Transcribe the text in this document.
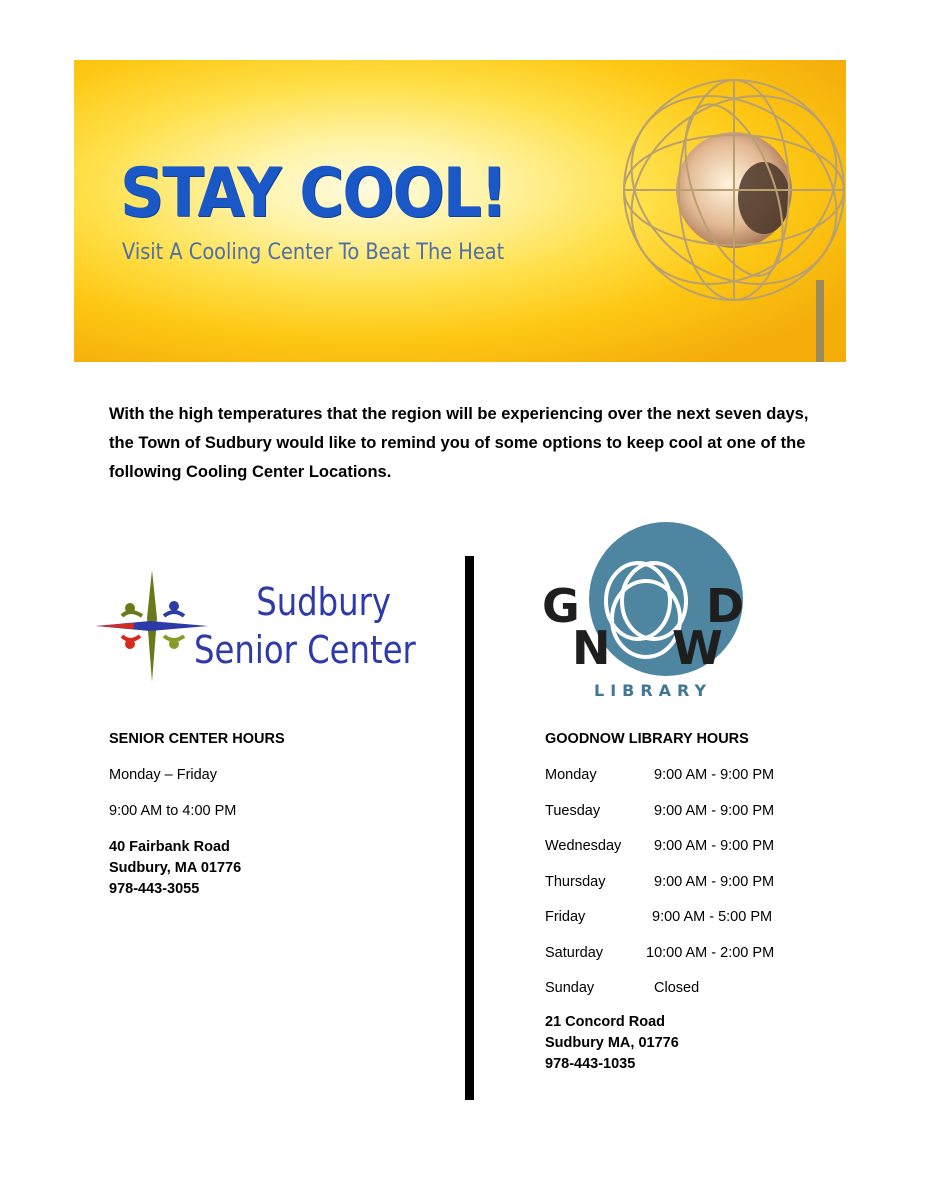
STAY COOL!
Visit A Cooling Center To Beat The Heat

With the high temperatures that the region will be experiencing over the next seven days, the Town of Sudbury would like to remind you of some options to keep cool at one of the following Cooling Center Locations.

Sudbury
Senior Center
G	D
N W
LIBRARY

SENIOR CENTER HOURS

Monday – Friday

9:00 AM to 4:00 PM

40 Fairbank Road

Sudbury, MA 01776

978-443-3055

GOODNOW LIBRARY HOURS

Monday	9:00 AM - 9:00 PM
Tuesday	9:00 AM - 9:00 PM
Wednesday 9:00 AM - 9:00 PM
Thursday	9:00 AM - 9:00 PM
Friday	9:00 AM - 5:00 PM
Saturday	10:00 AM - 2:00 PM
Sunday	Closed

21 Concord Road

Sudbury MA, 01776

978-443-1035
